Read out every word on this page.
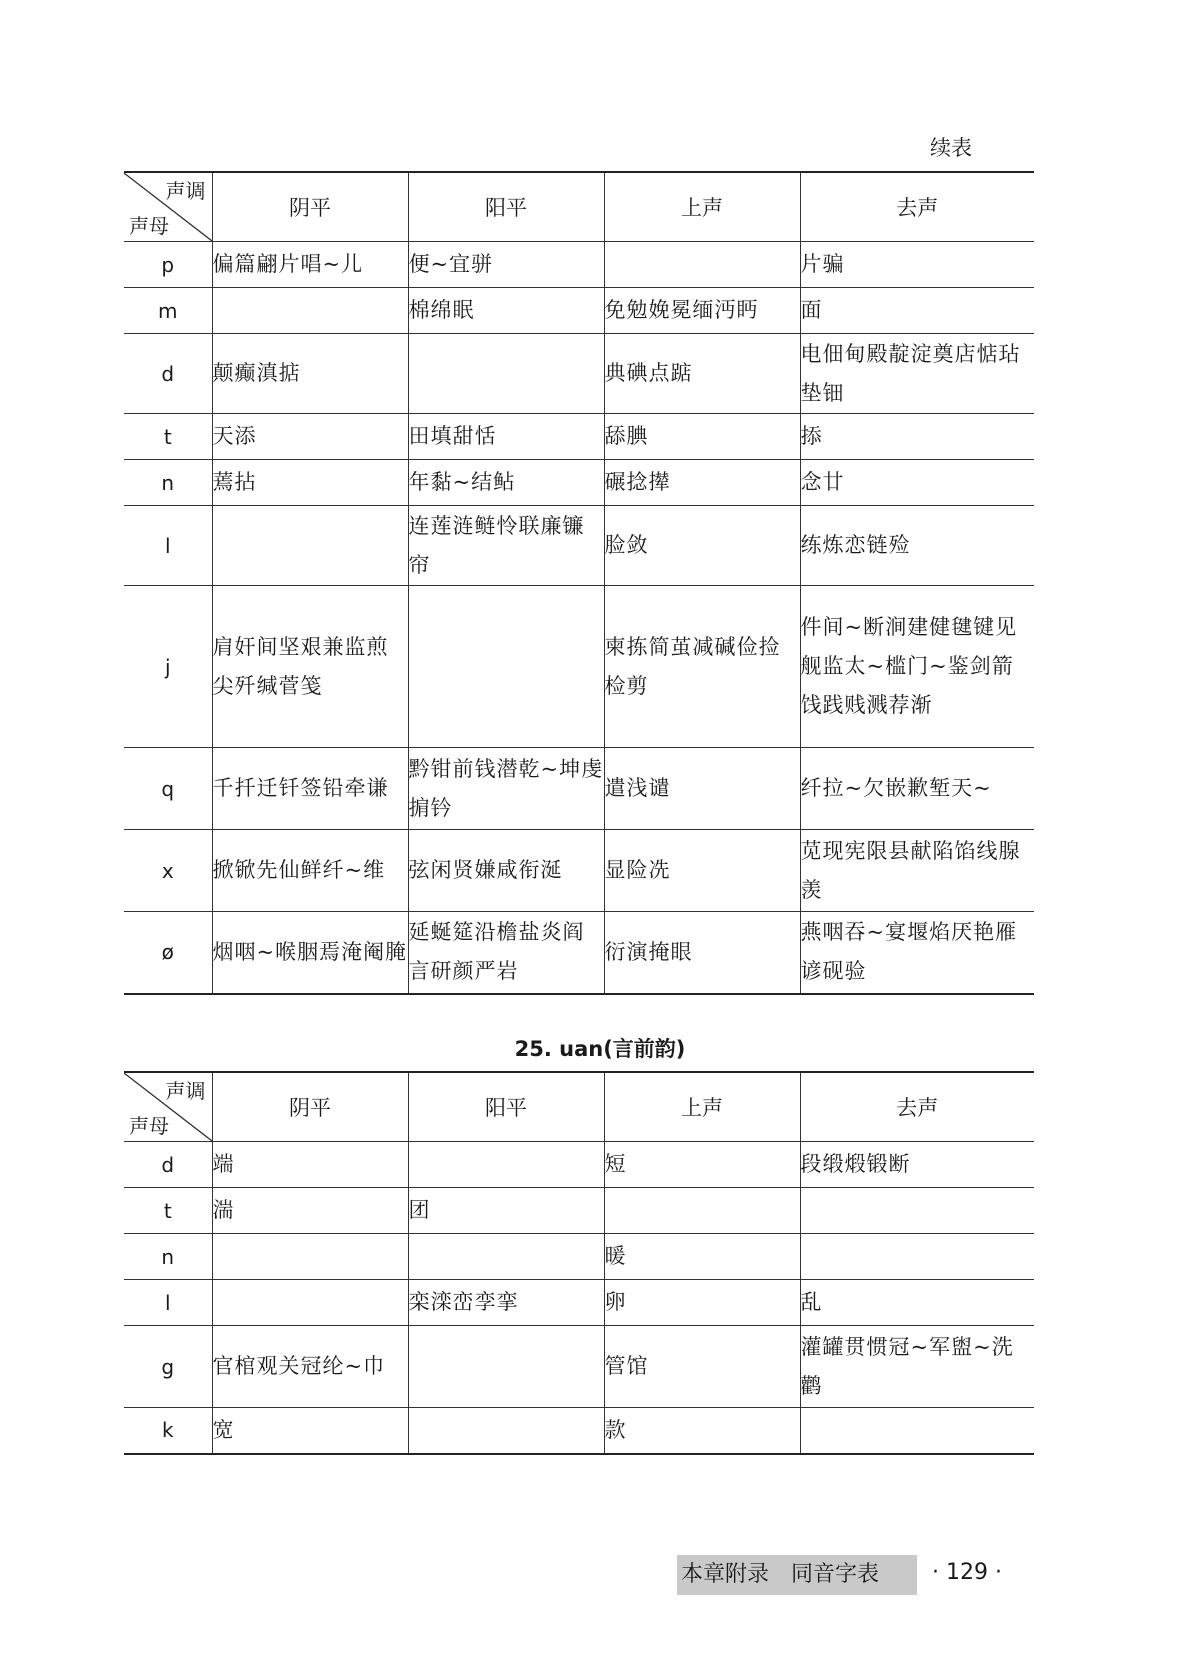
续表
声调
声母	阴平	阳平	上声	去声
p	偏篇翩片唱~儿	便~宜骈		片骗
m		棉绵眠	免勉娩冕缅沔眄	面
d	颠癫滇掂		典碘点踮	电佃甸殿靛淀奠店惦玷垫钿
t	天添	田填甜恬	舔腆	掭
n	蔫拈	年黏~结鲇	碾捻撵	念廿
l		连莲涟鲢怜联廉镰帘	脸敛	练炼恋链殓
j	肩奸间坚艰兼监煎尖歼缄菅笺		柬拣简茧减碱俭捡检剪	件间~断涧建健毽键见舰监太~槛门~鉴剑箭饯践贱溅荐渐
q	千扦迁钎签铅牵谦	黔钳前钱潜乾~坤虔掮钤	遣浅谴	纤拉~欠嵌歉堑天~
x	掀锨先仙鲜纤~维	弦闲贤嫌咸衔涎	显险冼	苋现宪限县献陷馅线腺羡
ø	烟咽~喉胭焉淹阉腌	延蜒筵沿檐盐炎阎言研颜严岩	衍演掩眼	燕咽吞~宴堰焰厌艳雁谚砚验
25. uan(言前韵)
声调
声母	阴平	阳平	上声	去声
d	端		短	段缎煅锻断
t	湍	团		
n			暖	
l		栾滦峦孪挛	卵	乱
g	官棺观关冠纶~巾		管馆	灌罐贯惯冠~军盥~洗鹳
k	宽		款	
本章附录　同音字表	· 129 ·
